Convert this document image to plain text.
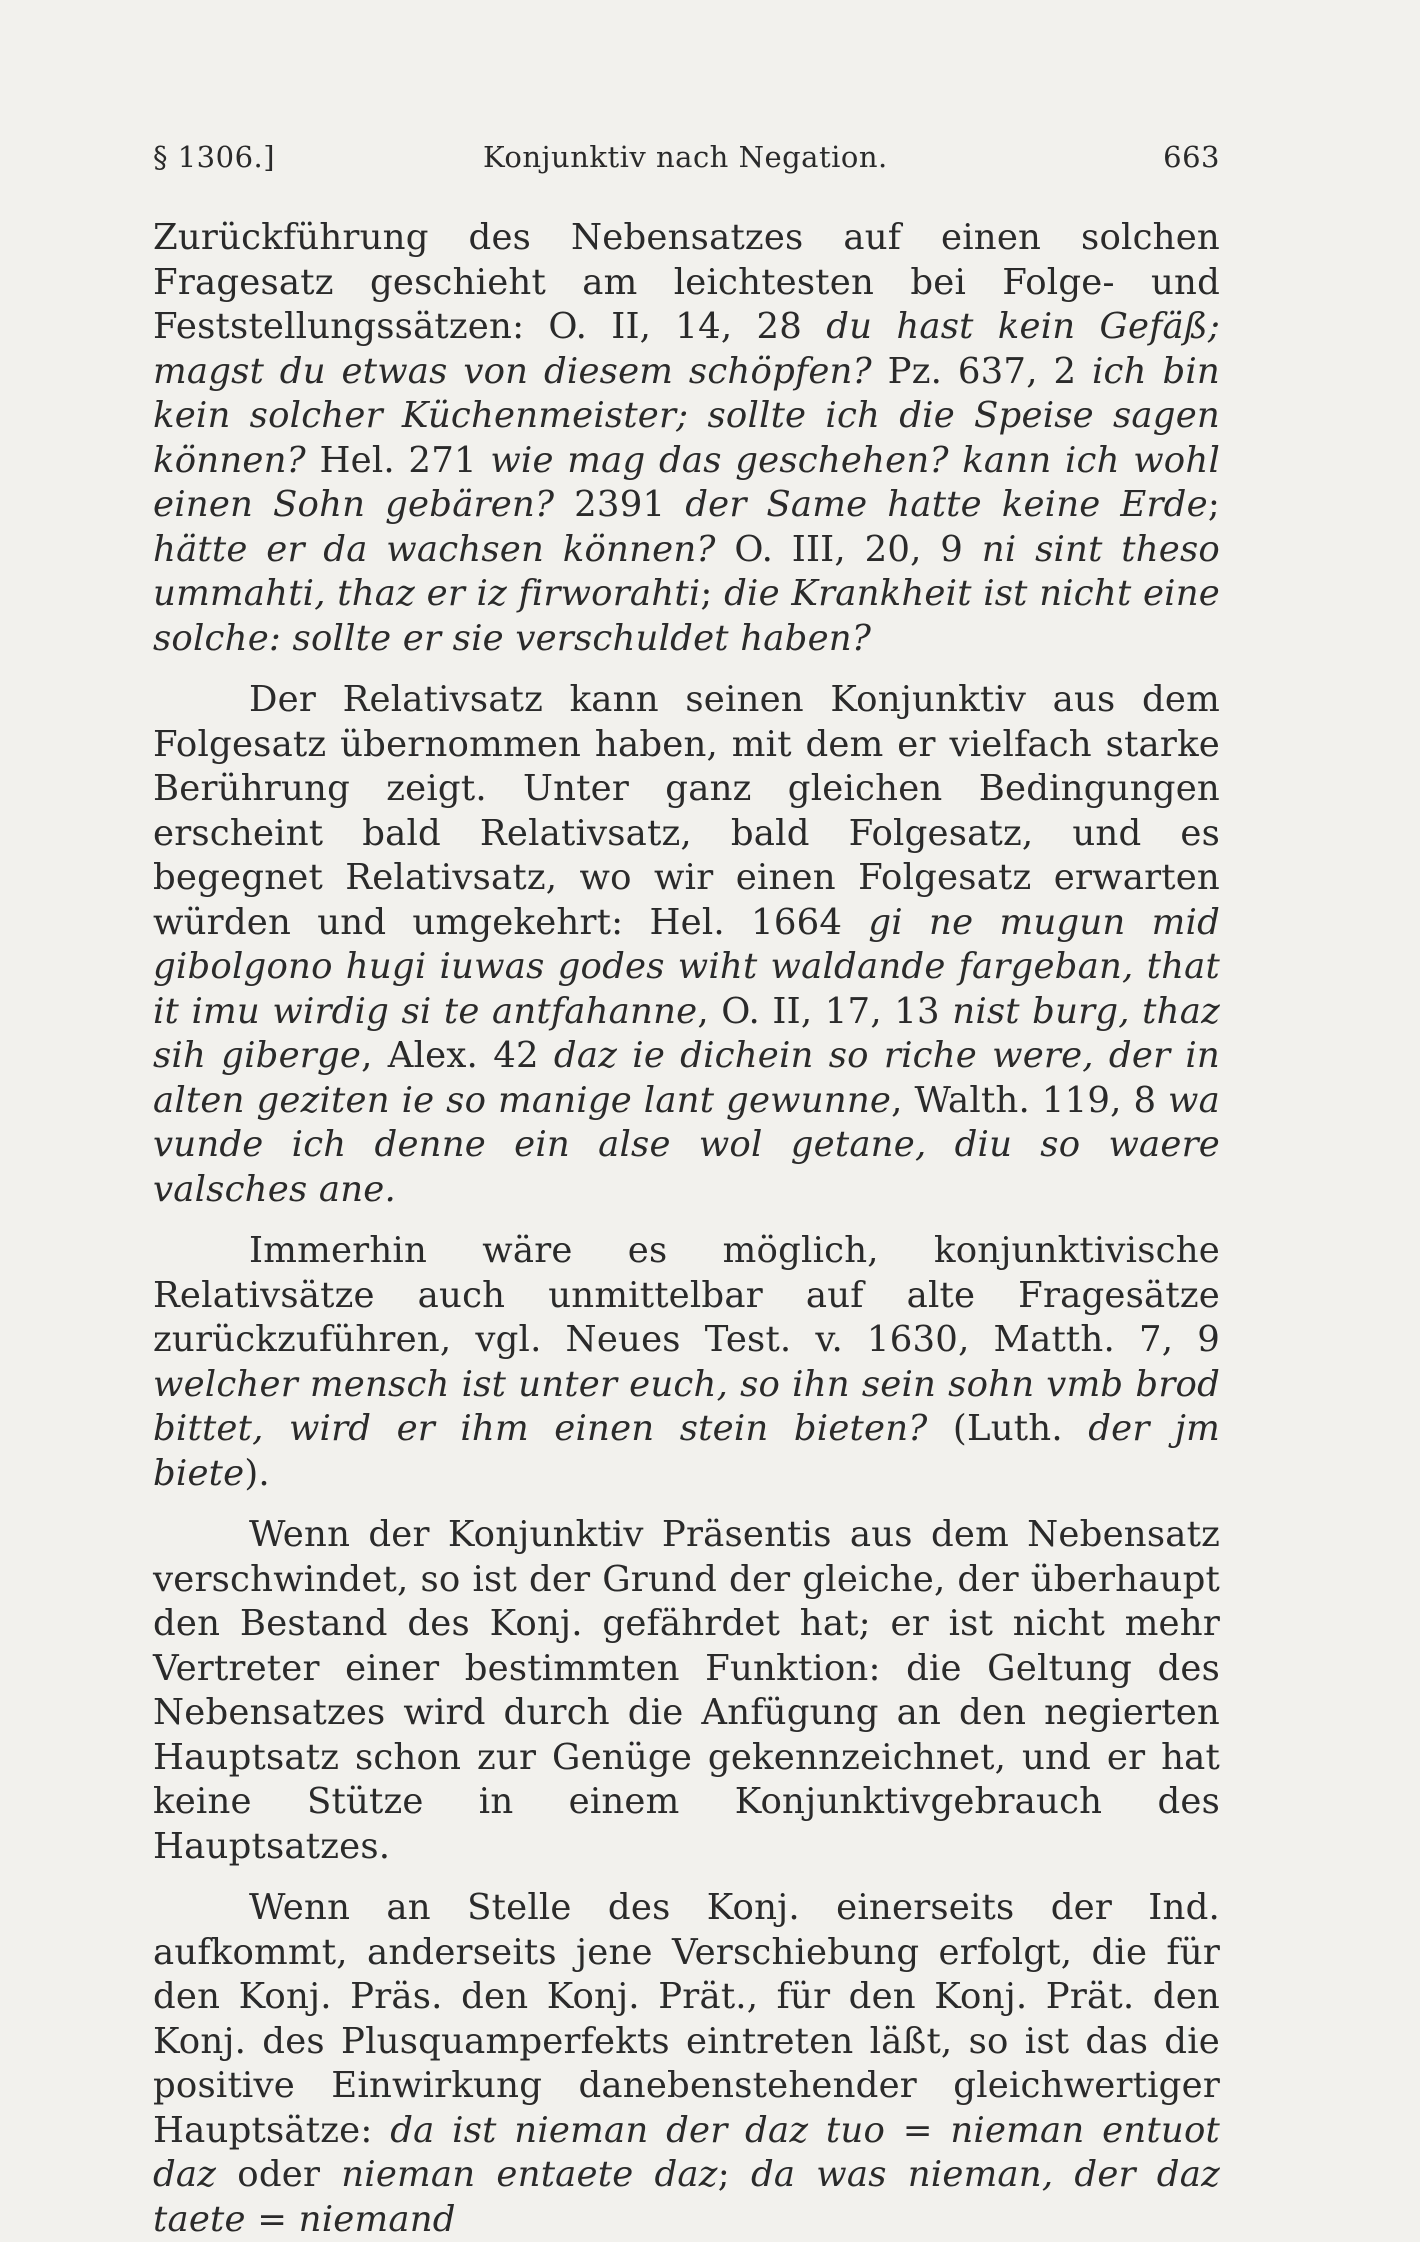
§ 1306.]	Konjunktiv nach Negation.	663

Zurückführung des Nebensatzes auf einen solchen Fragesatz geschieht am leichtesten bei Folge- und Feststellungssätzen: O. II, 14, 28 du hast kein Gefäß; magst du etwas von diesem schöpfen? Pz. 637, 2 ich bin kein solcher Küchenmeister; sollte ich die Speise sagen können? Hel. 271 wie mag das geschehen? kann ich wohl einen Sohn gebären? 2391 der Same hatte keine Erde; hätte er da wachsen können? O. III, 20, 9 ni sint theso ummahti, thaz er iz firworahti; die Krankheit ist nicht eine solche: sollte er sie verschuldet haben?

Der Relativsatz kann seinen Konjunktiv aus dem Folgesatz übernommen haben, mit dem er vielfach starke Berührung zeigt. Unter ganz gleichen Bedingungen erscheint bald Relativsatz, bald Folgesatz, und es begegnet Relativsatz, wo wir einen Folgesatz erwarten würden und umgekehrt: Hel. 1664 gi ne mugun mid gibolgono hugi iuwas godes wiht waldande fargeban, that it imu wirdig si te antfahanne, O. II, 17, 13 nist burg, thaz sih giberge, Alex. 42 daz ie dichein so riche were, der in alten geziten ie so manige lant gewunne, Walth. 119, 8 wa vunde ich denne ein alse wol getane, diu so waere valsches ane.

Immerhin wäre es möglich, konjunktivische Relativsätze auch unmittelbar auf alte Fragesätze zurückzuführen, vgl. Neues Test. v. 1630, Matth. 7, 9 welcher mensch ist unter euch, so ihn sein sohn vmb brod bittet, wird er ihm einen stein bieten? (Luth. der jm biete).

Wenn der Konjunktiv Präsentis aus dem Nebensatz verschwindet, so ist der Grund der gleiche, der überhaupt den Bestand des Konj. gefährdet hat; er ist nicht mehr Vertreter einer bestimmten Funktion: die Geltung des Nebensatzes wird durch die Anfügung an den negierten Hauptsatz schon zur Genüge gekennzeichnet, und er hat keine Stütze in einem Konjunktivgebrauch des Hauptsatzes.

Wenn an Stelle des Konj. einerseits der Ind. aufkommt, anderseits jene Verschiebung erfolgt, die für den Konj. Präs. den Konj. Prät., für den Konj. Prät. den Konj. des Plusquamperfekts eintreten läßt, so ist das die positive Einwirkung danebenstehender gleichwertiger Hauptsätze: da ist nieman der daz tuo = nieman entuot daz oder nieman entaete daz; da was nieman, der daz taete = niemand
